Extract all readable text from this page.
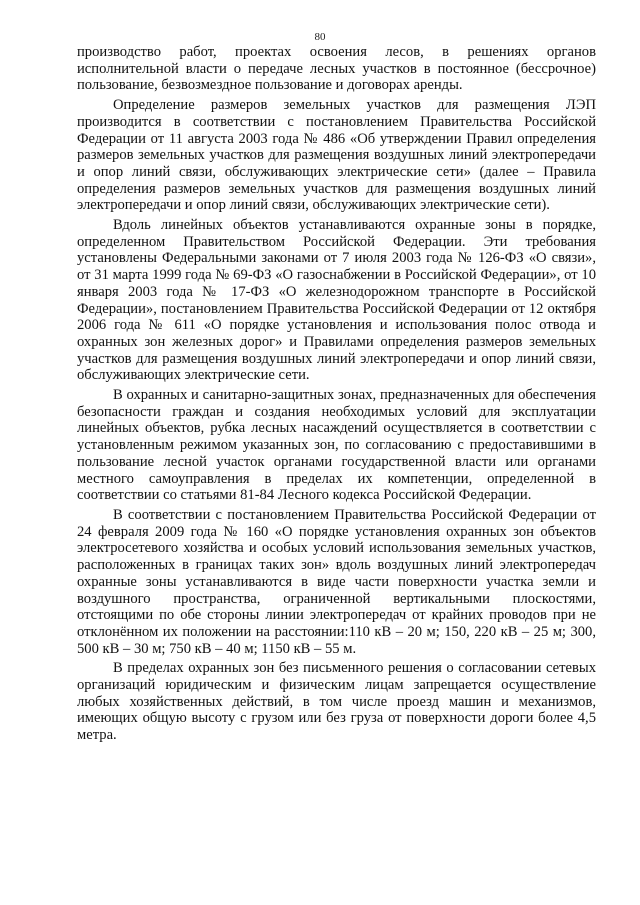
80

производство работ, проектах освоения лесов, в решениях органов исполнительной власти о передаче лесных участков в постоянное (бессрочное) пользование, безвозмездное пользование и договорах аренды.

Определение размеров земельных участков для размещения ЛЭП производится в соответствии с постановлением Правительства Российской Федерации от 11 августа 2003 года № 486 «Об утверждении Правил определения размеров земельных участков для размещения воздушных линий электропередачи и опор линий связи, обслуживающих электрические сети» (далее – Правила определения размеров земельных участков для размещения воздушных линий электропередачи и опор линий связи, обслуживающих электрические сети).

Вдоль линейных объектов устанавливаются охранные зоны в порядке, определенном Правительством Российской Федерации. Эти требования установлены Федеральными законами от 7 июля 2003 года № 126-ФЗ «О связи», от 31 марта 1999 года № 69-ФЗ «О газоснабжении в Российской Федерации», от 10 января 2003 года № 17-ФЗ «О железнодорожном транспорте в Российской Федерации», постановлением Правительства Российской Федерации от 12 октября 2006 года № 611 «О порядке установления и использования полос отвода и охранных зон железных дорог» и Правилами определения размеров земельных участков для размещения воздушных линий электропередачи и опор линий связи, обслуживающих электрические сети.

В охранных и санитарно-защитных зонах, предназначенных для обеспечения безопасности граждан и создания необходимых условий для эксплуатации линейных объектов, рубка лесных насаждений осуществляется в соответствии с установленным режимом указанных зон, по согласованию с предоставившими в пользование лесной участок органами государственной власти или органами местного самоуправления в пределах их компетенции, определенной в соответствии со статьями 81-84 Лесного кодекса Российской Федерации.

В соответствии с постановлением Правительства Российской Федерации от 24 февраля 2009 года № 160 «О порядке установления охранных зон объектов электросетевого хозяйства и особых условий использования земельных участков, расположенных в границах таких зон» вдоль воздушных линий электропередач охранные зоны устанавливаются в виде части поверхности участка земли и воздушного пространства, ограниченной вертикальными плоскостями, отстоящими по обе стороны линии электропередач от крайних проводов при не отклонённом их положении на расстоянии:110 кВ – 20 м; 150, 220 кВ – 25 м; 300, 500 кВ – 30 м; 750 кВ – 40 м; 1150 кВ – 55 м.

В пределах охранных зон без письменного решения о согласовании сетевых организаций юридическим и физическим лицам запрещается осуществление любых хозяйственных действий, в том числе проезд машин и механизмов, имеющих общую высоту с грузом или без груза от поверхности дороги более 4,5 метра.
